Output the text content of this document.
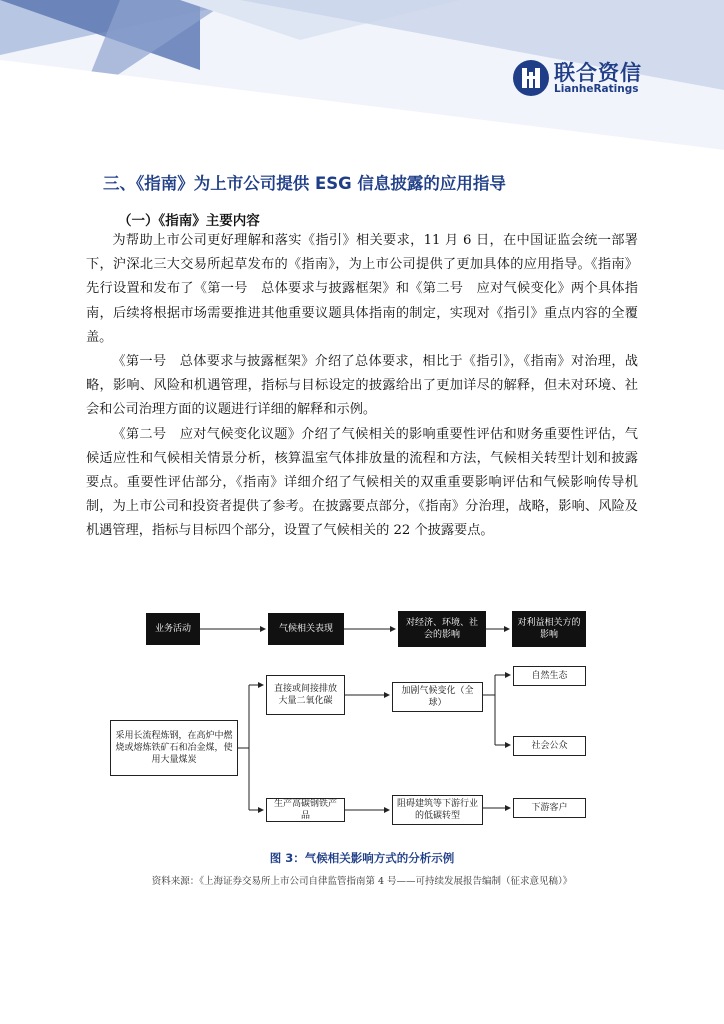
联合资信
LianheRatings
三、《指南》为上市公司提供 ESG 信息披露的应用指导
（一）《指南》主要内容

为帮助上市公司更好理解和落实《指引》相关要求，11 月 6 日，在中国证监会统一部署下，沪深北三大交易所起草发布的《指南》，为上市公司提供了更加具体的应用指导。《指南》先行设置和发布了《第一号　总体要求与披露框架》和《第二号　应对气候变化》两个具体指南，后续将根据市场需要推进其他重要议题具体指南的制定，实现对《指引》重点内容的全覆盖。

《第一号　总体要求与披露框架》介绍了总体要求，相比于《指引》，《指南》对治理，战略，影响、风险和机遇管理，指标与目标设定的披露给出了更加详尽的解释，但未对环境、社会和公司治理方面的议题进行详细的解释和示例。

《第二号　应对气候变化议题》介绍了气候相关的影响重要性评估和财务重要性评估，气候适应性和气候相关情景分析，核算温室气体排放量的流程和方法，气候相关转型计划和披露要点。重要性评估部分，《指南》详细介绍了气候相关的双重重要影响评估和气候影响传导机制，为上市公司和投资者提供了参考。在披露要点部分，《指南》分治理，战略，影响、风险及机遇管理，指标与目标四个部分，设置了气候相关的 22 个披露要点。

业务活动	气候相关表现
对经济、环境、社会的影响
对利益相关方的影响
采用长流程炼钢，在高炉中燃烧或熔炼铁矿石和冶金煤，使用大量煤炭
直接或间接排放大量二氧化碳
生产高碳钢铁产品
加剧气候变化（全球）
阻碍建筑等下游行业的低碳转型
自然生态
社会公众
下游客户
图 3：气候相关影响方式的分析示例
资料来源：《上海证券交易所上市公司自律监管指南第 4 号——可持续发展报告编制（征求意见稿）》
